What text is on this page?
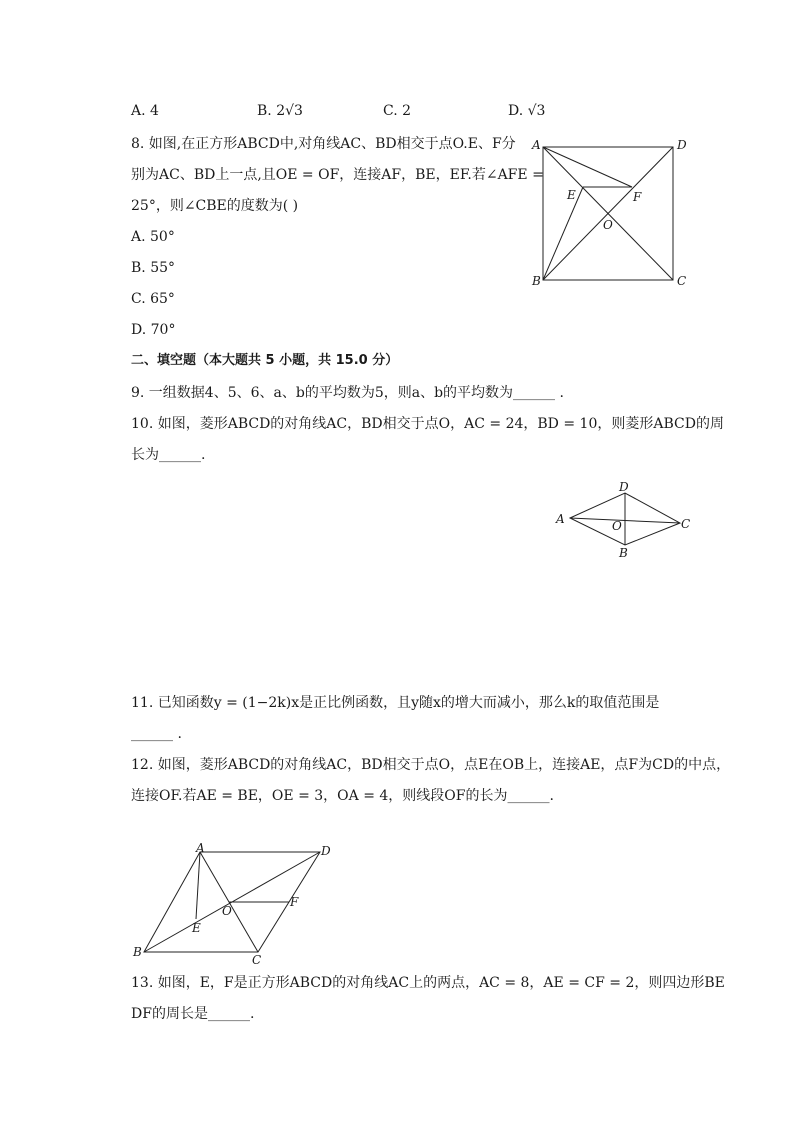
A. 4	B. 2√3	C. 2	D. √3
8. 如图,在正方形ABCD中,对角线AC、BD相交于点O.E、F分
别为AC、BD上一点,且OE = OF，连接AF，BE，EF.若∠AFE =
25°，则∠CBE的度数为( )
A. 50°
B. 55°
C. 65°
D. 70°
A	D
E	F
O
B	C
二、填空题（本大题共 5 小题，共 15.0 分）
9. 一组数据4、5、6、a、b的平均数为5，则a、b的平均数为______ .
10. 如图，菱形ABCD的对角线AC，BD相交于点O，AC = 24，BD = 10，则菱形ABCD的周
长为______.
D
A	O	C
B
11. 已知函数y = (1−2k)x是正比例函数，且y随x的增大而减小，那么k的取值范围是
______ .
12. 如图，菱形ABCD的对角线AC，BD相交于点O，点E在OB上，连接AE，点F为CD的中点，
连接OF.若AE = BE，OE = 3，OA = 4，则线段OF的长为______.
A	D
O
F
E
B
C
13. 如图，E，F是正方形ABCD的对角线AC上的两点，AC = 8，AE = CF = 2，则四边形BE
DF的周长是______.
